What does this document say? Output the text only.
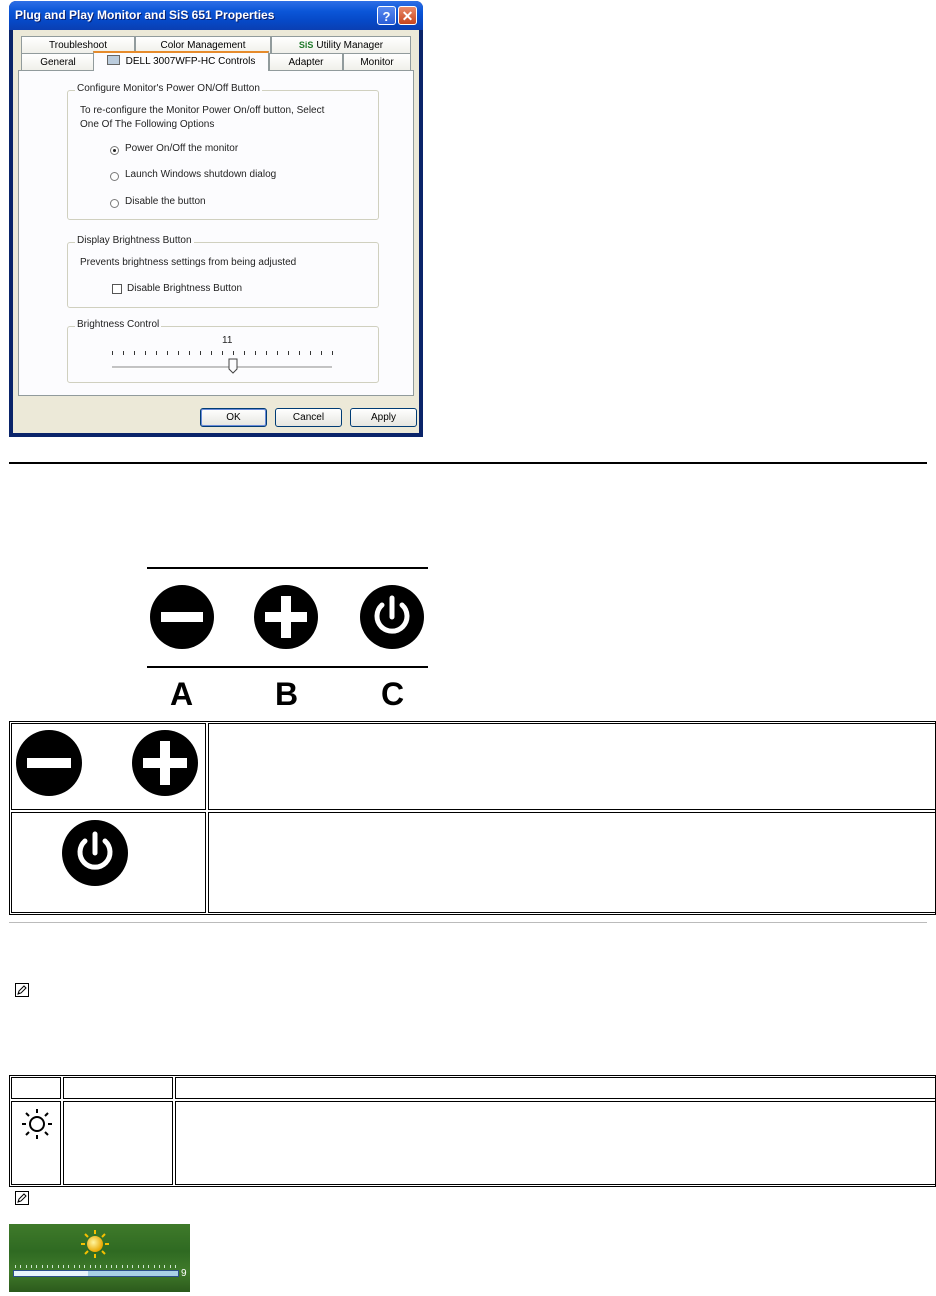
Plug and Play Monitor and SiS 651 Properties	? ✕
Troubleshoot	Color Management	SiS Utility Manager
General	DELL 3007WFP-HC Controls	Adapter	Monitor
Configure Monitor's Power ON/Off Button
To re-configure the Monitor Power On/off button, Select
One Of The Following Options
Power On/Off the monitor
Launch Windows shutdown dialog
Disable the button
Display Brightness Button
Prevents brightness settings from being adjusted
Disable Brightness Button
Brightness Control
11
OK	Cancel	Apply
A	B	C
9
